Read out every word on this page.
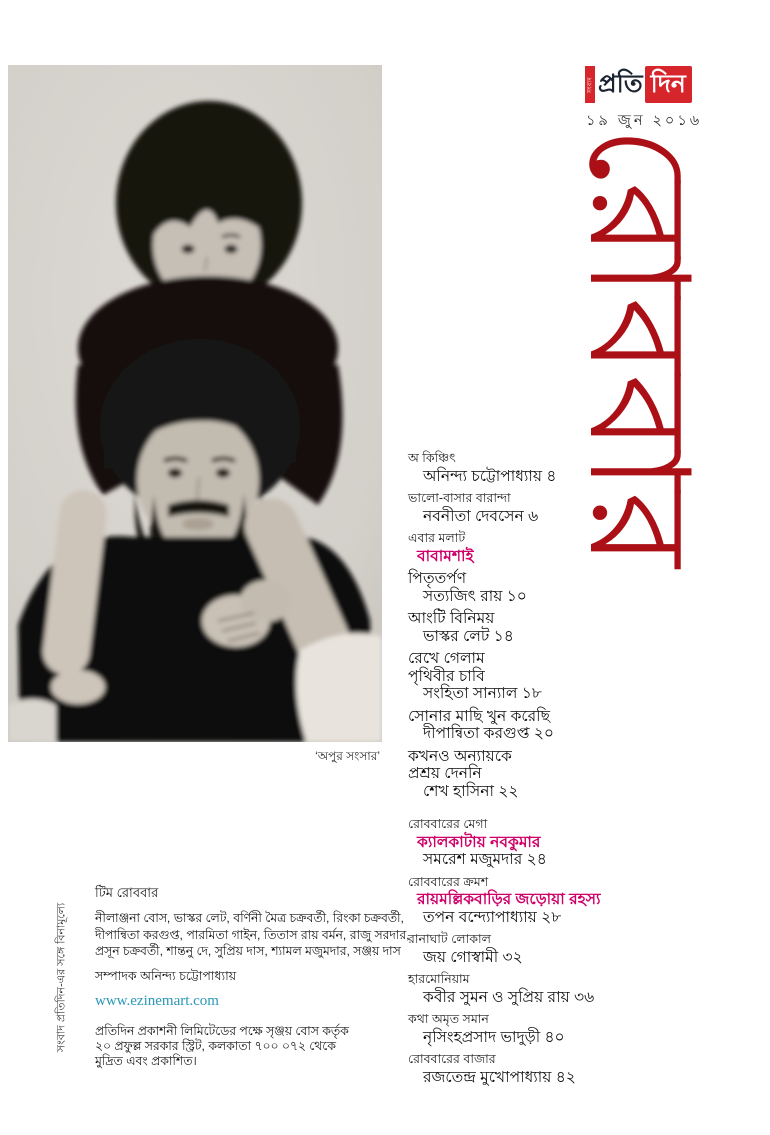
‘অপুর সংসার’
সংবাদ প্রতি দিন
১৯ জুন ২০১৬
রোববার
অ কিঞ্চিৎ
অনিন্দ্য চট্টোপাধ্যায় ৪
ভালো-বাসার বারান্দা
নবনীতা দেবসেন ৬
এবার মলাট
বাবামশাই
পিতৃতর্পণ
সত্যজিৎ রায় ১০
আংটি বিনিময়
ভাস্কর লেট ১৪
রেখে গেলাম
পৃথিবীর চাবি
সংহিতা সান্যাল ১৮
সোনার মাছি খুন করেছি
দীপান্বিতা করগুপ্ত ২০
কখনও অন্যায়কে
প্রশ্রয় দেননি
শেখ হাসিনা ২২
রোববারের মেগা
ক্যালকাটায় নবকুমার
সমরেশ মজুমদার ২৪
রোববারের ক্রমশ
রায়মল্লিকবাড়ির জড়োয়া রহস্য
তপন বন্দ্যোপাধ্যায় ২৮
রানাঘাট লোকাল
জয় গোস্বামী ৩২
হারমোনিয়াম
কবীর সুমন ও সুপ্রিয় রায় ৩৬
কথা অমৃত সমান
নৃসিংহপ্রসাদ ভাদুড়ী ৪০
রোববারের বাজার
রজতেন্দ্র মুখোপাধ্যায় ৪২
টিম রোববার
নীলাঞ্জনা বোস, ভাস্কর লেট, বর্ণিনী মৈত্র চক্রবর্তী, রিংকা চক্রবর্তী,
দীপান্বিতা করগুপ্ত, পারমিতা গাইন, তিতাস রায় বর্মন, রাজু সরদার,
প্রসূন চক্রবর্তী, শান্তনু দে, সুপ্রিয় দাস, শ্যামল মজুমদার, সঞ্জয় দাস
সম্পাদক অনিন্দ্য চট্টোপাধ্যায়
www.ezinemart.com
প্রতিদিন প্রকাশনী লিমিটেডের পক্ষে সৃঞ্জয় বোস কর্তৃক
২০ প্রফুল্ল সরকার স্ট্রিট, কলকাতা ৭০০ ০৭২ থেকে
মুদ্রিত এবং প্রকাশিত।
সংবাদ প্রতিদিন-এর সঙ্গে বিনামূল্যে
